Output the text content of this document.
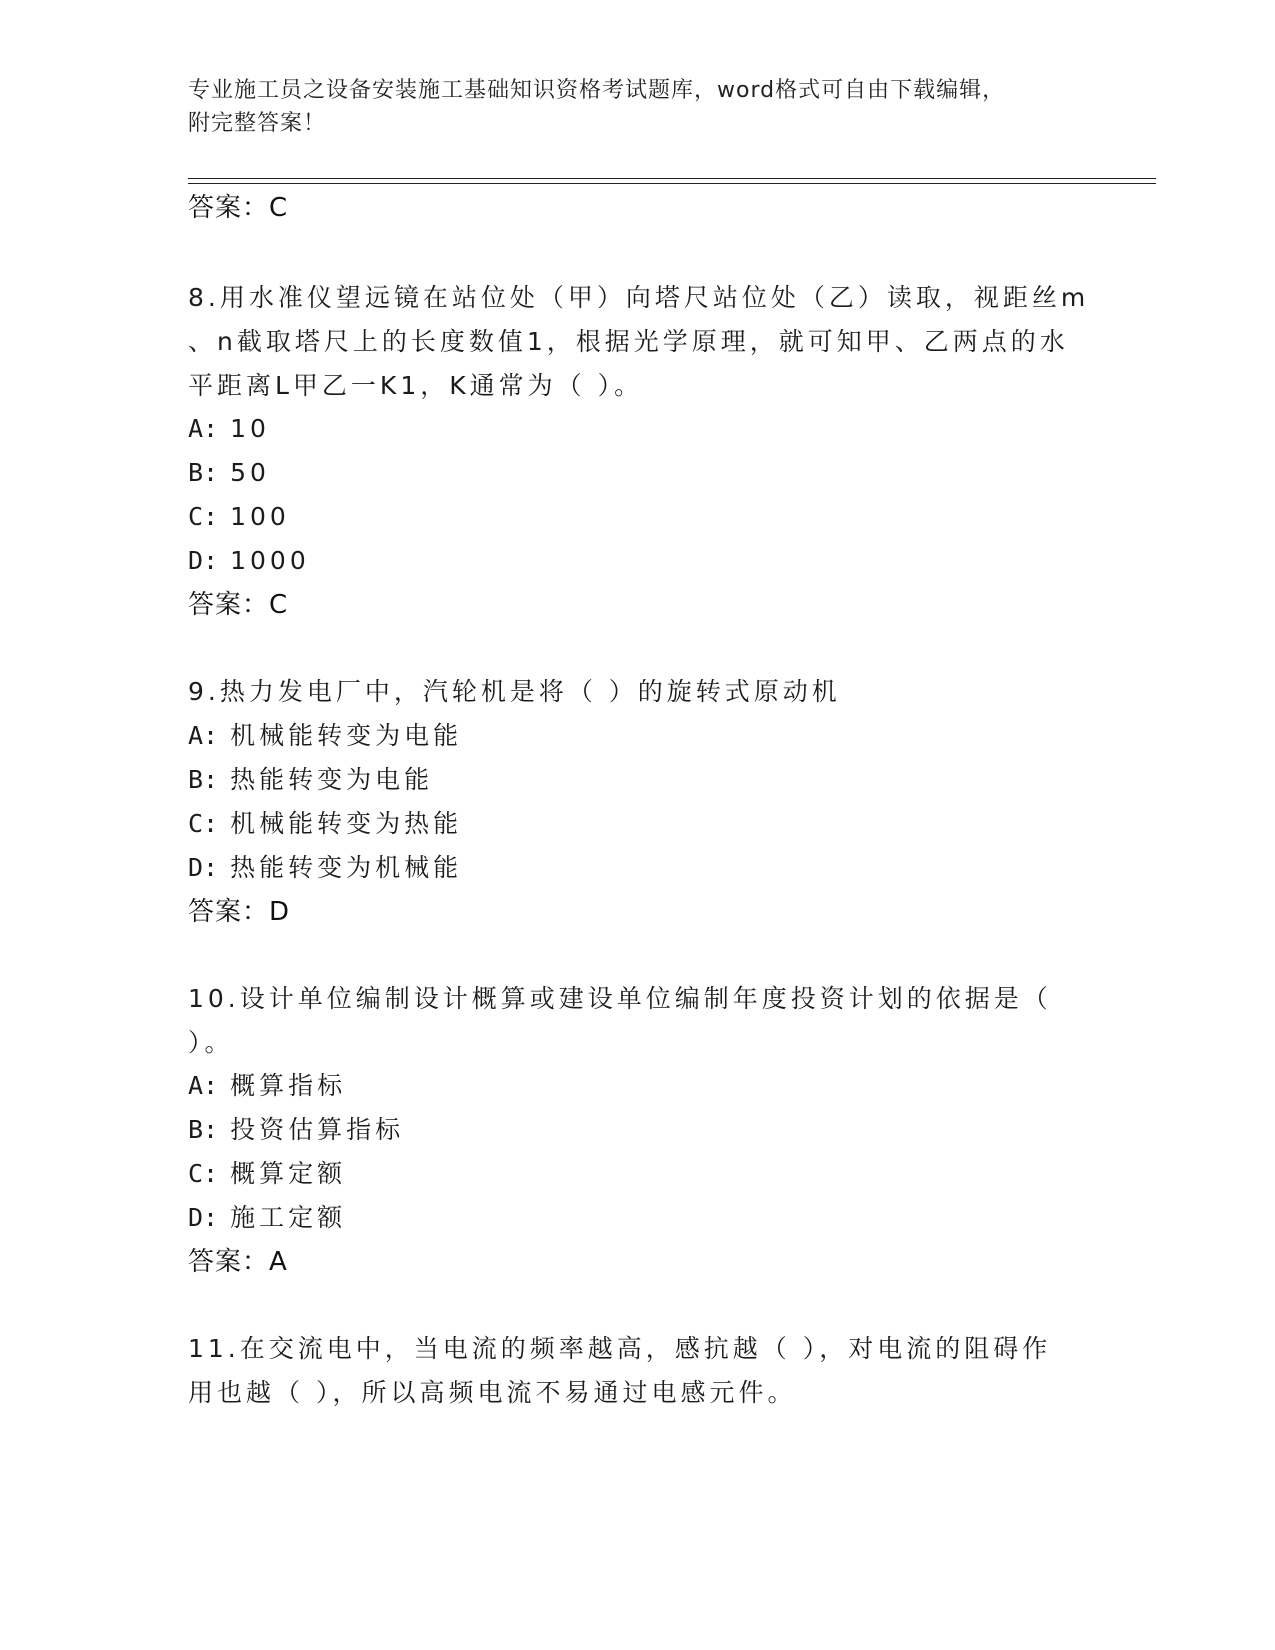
专业施工员之设备安装施工基础知识资格考试题库，word格式可自由下载编辑，
附完整答案！
答案：C
8.用水准仪望远镜在站位处（甲）向塔尺站位处（乙）读取，视距丝m
、n截取塔尺上的长度数值1，根据光学原理，就可知甲、乙两点的水
平距离L甲乙一K1，K通常为（ ）。
A: 10
B: 50
C: 100
D: 1000
答案：C
9.热力发电厂中，汽轮机是将（ ）的旋转式原动机
A: 机械能转变为电能
B: 热能转变为电能
C: 机械能转变为热能
D: 热能转变为机械能
答案：D
10.设计单位编制设计概算或建设单位编制年度投资计划的依据是（
）。
A: 概算指标
B: 投资估算指标
C: 概算定额
D: 施工定额
答案：A
11.在交流电中，当电流的频率越高，感抗越（ ），对电流的阻碍作
用也越（ ），所以高频电流不易通过电感元件。
